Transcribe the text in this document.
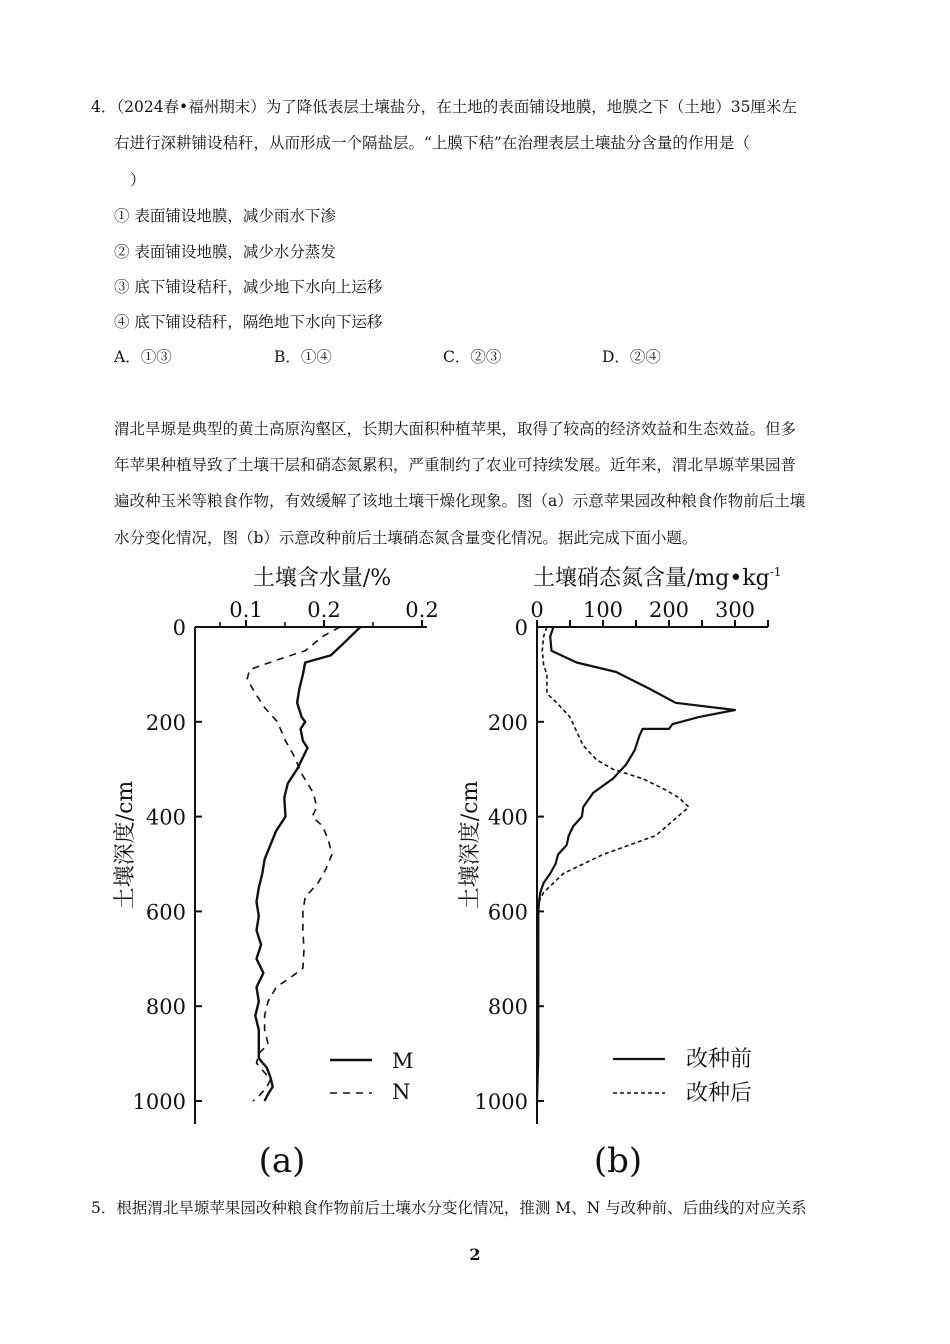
4．（2024春•福州期末）为了降低表层土壤盐分，在土地的表面铺设地膜，地膜之下（土地）35厘米左
右进行深耕铺设秸秆，从而形成一个隔盐层。“上膜下秸”在治理表层土壤盐分含量的作用是（
）
① 表面铺设地膜，减少雨水下渗
② 表面铺设地膜，减少水分蒸发
③ 底下铺设秸秆，减少地下水向上运移
④ 底下铺设秸秆，隔绝地下水向下运移
A．①③	B．①④	C．②③	D．②④
渭北旱塬是典型的黄土高原沟壑区，长期大面积种植苹果，取得了较高的经济效益和生态效益。但多
年苹果种植导致了土壤干层和硝态氮累积，严重制约了农业可持续发展。近年来，渭北旱塬苹果园普
遍改种玉米等粮食作物，有效缓解了该地土壤干燥化现象。图（a）示意苹果园改种粮食作物前后土壤
水分变化情况，图（b）示意改种前后土壤硝态氮含量变化情况。据此完成下面小题。
土壤含水量/%
土壤深度/cm
0
200
400
600
800
1000
0.1 0.2	0.2
M
N
(a)
土壤硝态氮含量$/mg•kg^{-1}$
土壤深度/cm
0
200
400
600
800
1000
0 100 200 300
改种前
改种后
(b)
5．根据渭北旱塬苹果园改种粮食作物前后土壤水分变化情况，推测 M、N 与改种前、后曲线的对应关系
2
